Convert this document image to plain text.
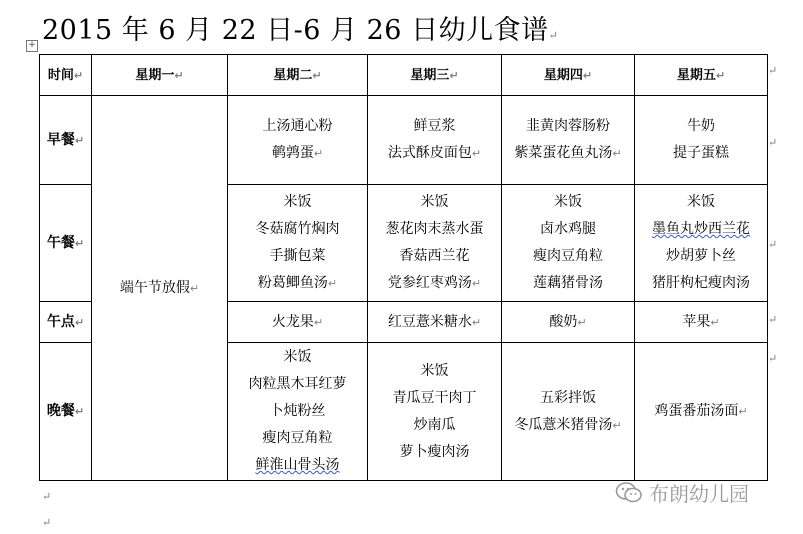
2015 年 6 月 22 日-6 月 26 日幼儿食谱↵
+
时间↵	星期一↵	星期二↵	星期三↵	星期四↵	星期五↵
早餐↵	端午节放假↵	上汤通心粉
鹌鹑蛋↵	鲜豆浆
法式酥皮面包↵	韭黄肉蓉肠粉
紫菜蛋花鱼丸汤↵	牛奶
提子蛋糕

午餐↵		米饭
冬菇腐竹焖肉
手撕包菜
粉葛鲫鱼汤↵	米饭
葱花肉末蒸水蛋
香菇西兰花
党参红枣鸡汤↵	米饭
卤水鸡腿
瘦肉豆角粒
莲藕猪骨汤	米饭
墨鱼丸炒西兰花
炒胡萝卜丝
猪肝枸杞瘦肉汤

午点↵		火龙果↵	红豆薏米糖水↵	酸奶↵	苹果↵
晚餐↵		米饭
肉粒黑木耳红萝
卜炖粉丝
瘦肉豆角粒
鲜淮山骨头汤	米饭
青瓜豆干肉丁
炒南瓜
萝卜瘦肉汤	五彩拌饭
冬瓜薏米猪骨汤↵	鸡蛋番茄汤面↵
↵
↵
↵
↵
↵
↵
↵
布朗幼儿园
